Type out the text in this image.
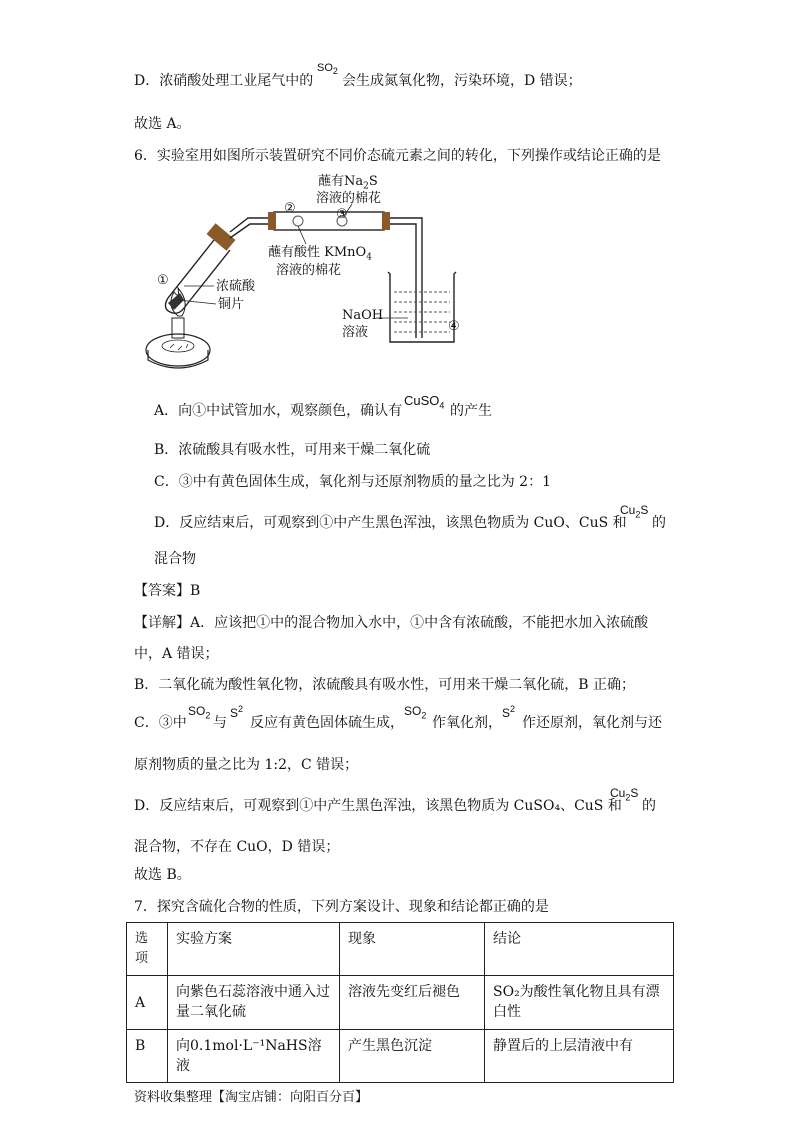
D．浓硝酸处理工业尾气中的
$SO_2$
会生成氮氧化物，污染环境，D 错误；
故选 A。
6．实验室用如图所示装置研究不同价态硫元素之间的转化，下列操作或结论正确的是
蘸有$Na_2S$
溶液的棉花
②	③
蘸有酸性 KMnO$_4$
溶液的棉花
①	浓硫酸
铜片
NaOH
溶液	④
A．向①中试管加水，观察颜色，确认有
CuSO$_4$ 的产生
B．浓硫酸具有吸水性，可用来干燥二氧化硫
C．③中有黄色固体生成，氧化剂与还原剂物质的量之比为 2：1
D．反应结束后，可观察到①中产生黑色浑浊，该黑色物质为 CuO、CuS 和
$Cu_2S$
的
混合物
【答案】B
【详解】A．应该把①中的混合物加入水中，①中含有浓硫酸，不能把水加入浓硫酸
中，A 错误；
B．二氧化硫为酸性氧化物，浓硫酸具有吸水性，可用来干燥二氧化硫，B 正确；
C．③中
$SO_2$ 与
$S^2$
反应有黄色固体硫生成，
$SO_2$ 作氧化剂，
$S^2$
作还原剂，氧化剂与还
原剂物质的量之比为 1:2，C 错误；
D．反应结束后，可观察到①中产生黑色浑浊，该黑色物质为 CuSO₄、CuS 和
$Cu_2S$
的
混合物，不存在 CuO，D 错误；
故选 B。
7．探究含硫化合物的性质，下列方案设计、现象和结论都正确的是
选项	实验方案	现象	结论
A	向紫色石蕊溶液中通入过量二氧化硫	溶液先变红后褪色	SO₂为酸性氧化物且具有漂白性
B	向0.1mol·L⁻¹NaHS溶液	产生黑色沉淀	静置后的上层清液中有
资料收集整理【淘宝店铺：向阳百分百】
